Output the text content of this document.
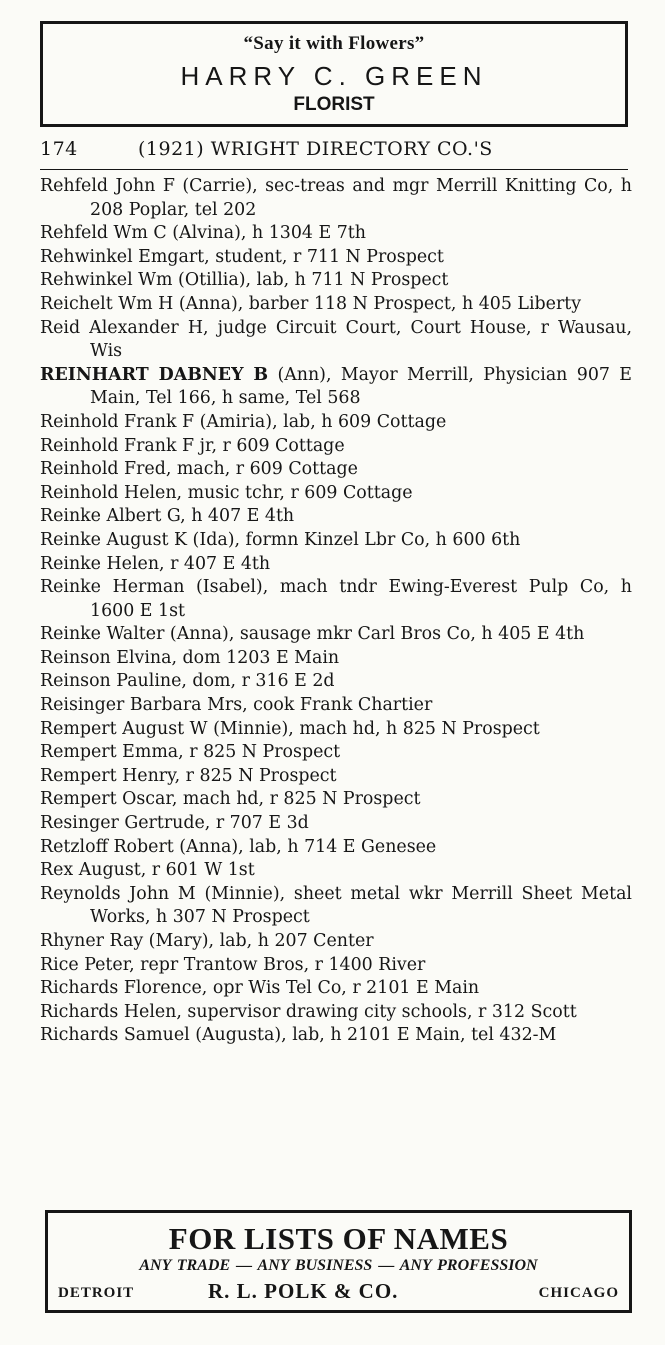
“Say it with Flowers”
HARRY C. GREEN
FLORIST
174	(1921) WRIGHT DIRECTORY CO.'S
Rehfeld John F (Carrie), sec-treas and mgr Merrill Knitting Co, h 208 Poplar, tel 202
Rehfeld Wm C (Alvina), h 1304 E 7th
Rehwinkel Emgart, student, r 711 N Prospect
Rehwinkel Wm (Otillia), lab, h 711 N Prospect
Reichelt Wm H (Anna), barber 118 N Prospect, h 405 Liberty
Reid Alexander H, judge Circuit Court, Court House, r Wausau, Wis
REINHART DABNEY B (Ann), Mayor Merrill, Physician 907 E Main, Tel 166, h same, Tel 568
Reinhold Frank F (Amiria), lab, h 609 Cottage
Reinhold Frank F jr, r 609 Cottage
Reinhold Fred, mach, r 609 Cottage
Reinhold Helen, music tchr, r 609 Cottage
Reinke Albert G, h 407 E 4th
Reinke August K (Ida), formn Kinzel Lbr Co, h 600 6th
Reinke Helen, r 407 E 4th
Reinke Herman (Isabel), mach tndr Ewing-Everest Pulp Co, h 1600 E 1st
Reinke Walter (Anna), sausage mkr Carl Bros Co, h 405 E 4th
Reinson Elvina, dom 1203 E Main
Reinson Pauline, dom, r 316 E 2d
Reisinger Barbara Mrs, cook Frank Chartier
Rempert August W (Minnie), mach hd, h 825 N Prospect
Rempert Emma, r 825 N Prospect
Rempert Henry, r 825 N Prospect
Rempert Oscar, mach hd, r 825 N Prospect
Resinger Gertrude, r 707 E 3d
Retzloff Robert (Anna), lab, h 714 E Genesee
Rex August, r 601 W 1st
Reynolds John M (Minnie), sheet metal wkr Merrill Sheet Metal Works, h 307 N Prospect
Rhyner Ray (Mary), lab, h 207 Center
Rice Peter, repr Trantow Bros, r 1400 River
Richards Florence, opr Wis Tel Co, r 2101 E Main
Richards Helen, supervisor drawing city schools, r 312 Scott
Richards Samuel (Augusta), lab, h 2101 E Main, tel 432-M
FOR LISTS OF NAMES
ANY TRADE — ANY BUSINESS — ANY PROFESSION
DETROIT	R. L. POLK & CO.	CHICAGO
